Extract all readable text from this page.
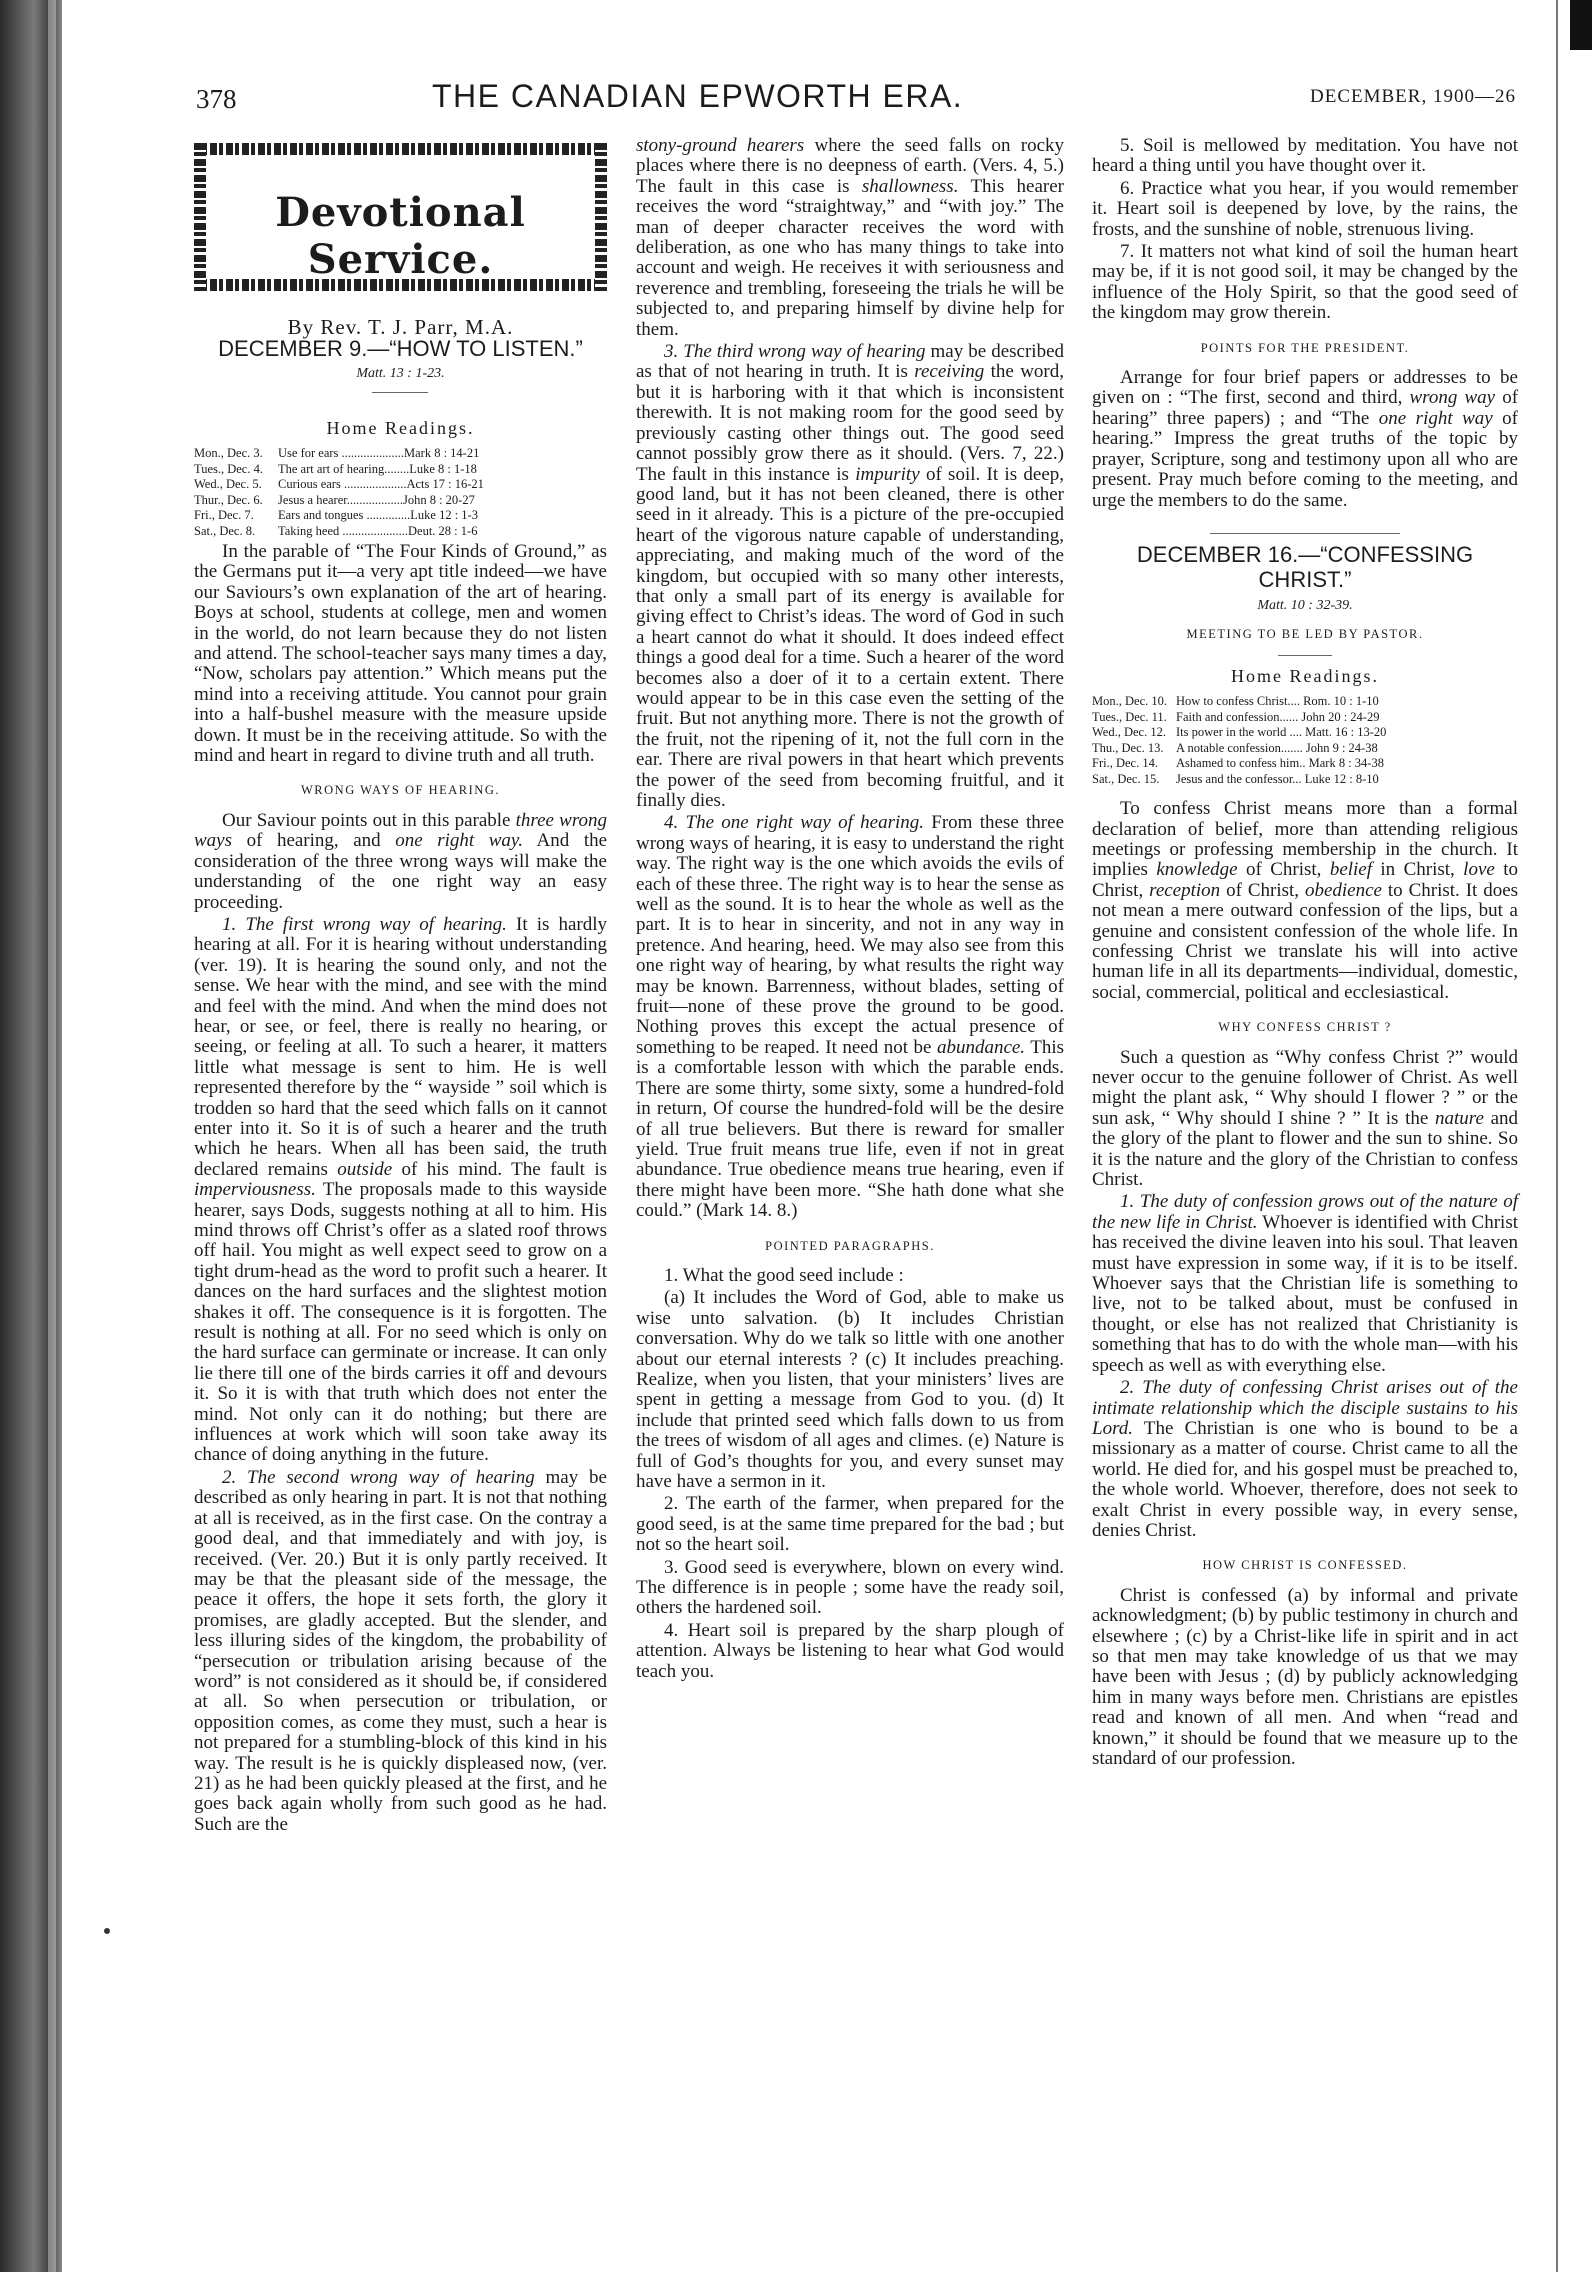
378	THE CANADIAN EPWORTH ERA.	DECEMBER, 1900—26
Devotional Service.
By Rev. T. J. Parr, M.A.
DECEMBER 9.—“HOW TO LISTEN.”
Matt. 13 : 1-23.
Home Readings.
Mon., Dec. 3. Use for ears ....................Mark 8 : 14-21
Tues., Dec. 4. The art art of hearing........Luke 8 : 1-18
Wed., Dec. 5. Curious ears ....................Acts 17 : 16-21
Thur., Dec. 6. Jesus a hearer..................John 8 : 20-27
Fri., Dec. 7. Ears and tongues ..............Luke 12 : 1-3
Sat., Dec. 8. Taking heed .....................Deut. 28 : 1-6

In the parable of “The Four Kinds of Ground,” as the Germans put it—a very apt title indeed—we have our Saviours’s own explanation of the art of hearing. Boys at school, students at college, men and women in the world, do not learn because they do not listen and attend. The school-teacher says many times a day, “Now, scholars pay attention.” Which means put the mind into a receiving attitude. You cannot pour grain into a half-bushel measure with the measure upside down. It must be in the receiving attitude. So with the mind and heart in regard to divine truth and all truth.

WRONG WAYS OF HEARING.

Our Saviour points out in this parable three wrong ways of hearing, and one right way. And the consideration of the three wrong ways will make the understanding of the one right way an easy proceeding.

1. The first wrong way of hearing. It is hardly hearing at all. For it is hearing without understanding (ver. 19). It is hearing the sound only, and not the sense. We hear with the mind, and see with the mind and feel with the mind. And when the mind does not hear, or see, or feel, there is really no hearing, or seeing, or feeling at all. To such a hearer, it matters little what message is sent to him. He is well represented therefore by the “ wayside ” soil which is trodden so hard that the seed which falls on it cannot enter into it. So it is of such a hearer and the truth which he hears. When all has been said, the truth declared remains outside of his mind. The fault is imperviousness. The proposals made to this wayside hearer, says Dods, suggests nothing at all to him. His mind throws off Christ’s offer as a slated roof throws off hail. You might as well expect seed to grow on a tight drum-head as the word to profit such a hearer. It dances on the hard surfaces and the slightest motion shakes it off. The consequence is it is forgotten. The result is nothing at all. For no seed which is only on the hard surface can germinate or increase. It can only lie there till one of the birds carries it off and devours it. So it is with that truth which does not enter the mind. Not only can it do nothing; but there are influences at work which will soon take away its chance of doing anything in the future.

2. The second wrong way of hearing may be described as only hearing in part. It is not that nothing at all is received, as in the first case. On the contray a good deal, and that immediately and with joy, is received. (Ver. 20.) But it is only partly received. It may be that the pleasant side of the message, the peace it offers, the hope it sets forth, the glory it promises, are gladly accepted. But the slender, and less illuring sides of the kingdom, the probability of “persecution or tribulation arising because of the word” is not considered as it should be, if considered at all. So when persecution or tribulation, or opposition comes, as come they must, such a hear is not prepared for a stumbling-block of this kind in his way. The result is he is quickly displeased now, (ver. 21) as he had been quickly pleased at the first, and he goes back again wholly from such good as he had. Such are the

stony-ground hearers where the seed falls on rocky places where there is no deepness of earth. (Vers. 4, 5.) The fault in this case is shallowness. This hearer receives the word “straightway,” and “with joy.” The man of deeper character receives the word with deliberation, as one who has many things to take into account and weigh. He receives it with seriousness and reverence and trembling, foreseeing the trials he will be subjected to, and preparing himself by divine help for them.

3. The third wrong way of hearing may be described as that of not hearing in truth. It is receiving the word, but it is harboring with it that which is inconsistent therewith. It is not making room for the good seed by previously casting other things out. The good seed cannot possibly grow there as it should. (Vers. 7, 22.) The fault in this instance is impurity of soil. It is deep, good land, but it has not been cleaned, there is other seed in it already. This is a picture of the pre-occupied heart of the vigorous nature capable of understanding, appreciating, and making much of the word of the kingdom, but occupied with so many other interests, that only a small part of its energy is available for giving effect to Christ’s ideas. The word of God in such a heart cannot do what it should. It does indeed effect things a good deal for a time. Such a hearer of the word becomes also a doer of it to a certain extent. There would appear to be in this case even the setting of the fruit. But not anything more. There is not the growth of the fruit, not the ripening of it, not the full corn in the ear. There are rival powers in that heart which prevents the power of the seed from becoming fruitful, and it finally dies.

4. The one right way of hearing. From these three wrong ways of hearing, it is easy to understand the right way. The right way is the one which avoids the evils of each of these three. The right way is to hear the sense as well as the sound. It is to hear the whole as well as the part. It is to hear in sincerity, and not in any way in pretence. And hearing, heed. We may also see from this one right way of hearing, by what results the right way may be known. Barrenness, without blades, setting of fruit—none of these prove the ground to be good. Nothing proves this except the actual presence of something to be reaped. It need not be abundance. This is a comfortable lesson with which the parable ends. There are some thirty, some sixty, some a hundred-fold in return, Of course the hundred-fold will be the desire of all true believers. But there is reward for smaller yield. True fruit means true life, even if not in great abundance. True obedience means true hearing, even if there might have been more. “She hath done what she could.” (Mark 14. 8.)

POINTED PARAGRAPHS.

1. What the good seed include :

(a) It includes the Word of God, able to make us wise unto salvation. (b) It includes Christian conversation. Why do we talk so little with one another about our eternal interests ? (c) It includes preaching. Realize, when you listen, that your ministers’ lives are spent in getting a message from God to you. (d) It include that printed seed which falls down to us from the trees of wisdom of all ages and climes. (e) Nature is full of God’s thoughts for you, and every sunset may have have a sermon in it.

2. The earth of the farmer, when prepared for the good seed, is at the same time prepared for the bad ; but not so the heart soil.

3. Good seed is everywhere, blown on every wind. The difference is in people ; some have the ready soil, others the hardened soil.

4. Heart soil is prepared by the sharp plough of attention. Always be listening to hear what God would teach you.

5. Soil is mellowed by meditation. You have not heard a thing until you have thought over it.

6. Practice what you hear, if you would remember it. Heart soil is deepened by love, by the rains, the frosts, and the sunshine of noble, strenuous living.

7. It matters not what kind of soil the human heart may be, if it is not good soil, it may be changed by the influence of the Holy Spirit, so that the good seed of the kingdom may grow therein.

POINTS FOR THE PRESIDENT.

Arrange for four brief papers or addresses to be given on : “The first, second and third, wrong way of hearing” three papers) ; and “The one right way of hearing.” Impress the great truths of the topic by prayer, Scripture, song and testimony upon all who are present. Pray much before coming to the meeting, and urge the members to do the same.

DECEMBER 16.—“CONFESSING
CHRIST.”
Matt. 10 : 32-39.
MEETING TO BE LED BY PASTOR.
Home Readings.
Mon., Dec. 10. How to confess Christ.... Rom. 10 : 1-10
Tues., Dec. 11. Faith and confession...... John 20 : 24-29
Wed., Dec. 12. Its power in the world .... Matt. 16 : 13-20
Thu., Dec. 13. A notable confession....... John 9 : 24-38
Fri., Dec. 14. Ashamed to confess him.. Mark 8 : 34-38
Sat., Dec. 15. Jesus and the confessor... Luke 12 : 8-10

To confess Christ means more than a formal declaration of belief, more than attending religious meetings or professing membership in the church. It implies knowledge of Christ, belief in Christ, love to Christ, reception of Christ, obedience to Christ. It does not mean a mere outward confession of the lips, but a genuine and consistent confession of the whole life. In confessing Christ we translate his will into active human life in all its departments—individual, domestic, social, commercial, political and ecclesiastical.

WHY CONFESS CHRIST ?

Such a question as “Why confess Christ ?” would never occur to the genuine follower of Christ. As well might the plant ask, “ Why should I flower ? ” or the sun ask, “ Why should I shine ? ” It is the nature and the glory of the plant to flower and the sun to shine. So it is the nature and the glory of the Christian to confess Christ.

1. The duty of confession grows out of the nature of the new life in Christ. Whoever is identified with Christ has received the divine leaven into his soul. That leaven must have expression in some way, if it is to be itself. Whoever says that the Christian life is something to live, not to be talked about, must be confused in thought, or else has not realized that Christianity is something that has to do with the whole man—with his speech as well as with everything else.

2. The duty of confessing Christ arises out of the intimate relationship which the disciple sustains to his Lord. The Christian is one who is bound to be a missionary as a matter of course. Christ came to all the world. He died for, and his gospel must be preached to, the whole world. Whoever, therefore, does not seek to exalt Christ in every possible way, in every sense, denies Christ.

HOW CHRIST IS CONFESSED.

Christ is confessed (a) by informal and private acknowledgment; (b) by public testimony in church and elsewhere ; (c) by a Christ-like life in spirit and in act so that men may take knowledge of us that we may have been with Jesus ; (d) by publicly acknowledging him in many ways before men. Christians are epistles read and known of all men. And when “read and known,” it should be found that we measure up to the standard of our profession.
